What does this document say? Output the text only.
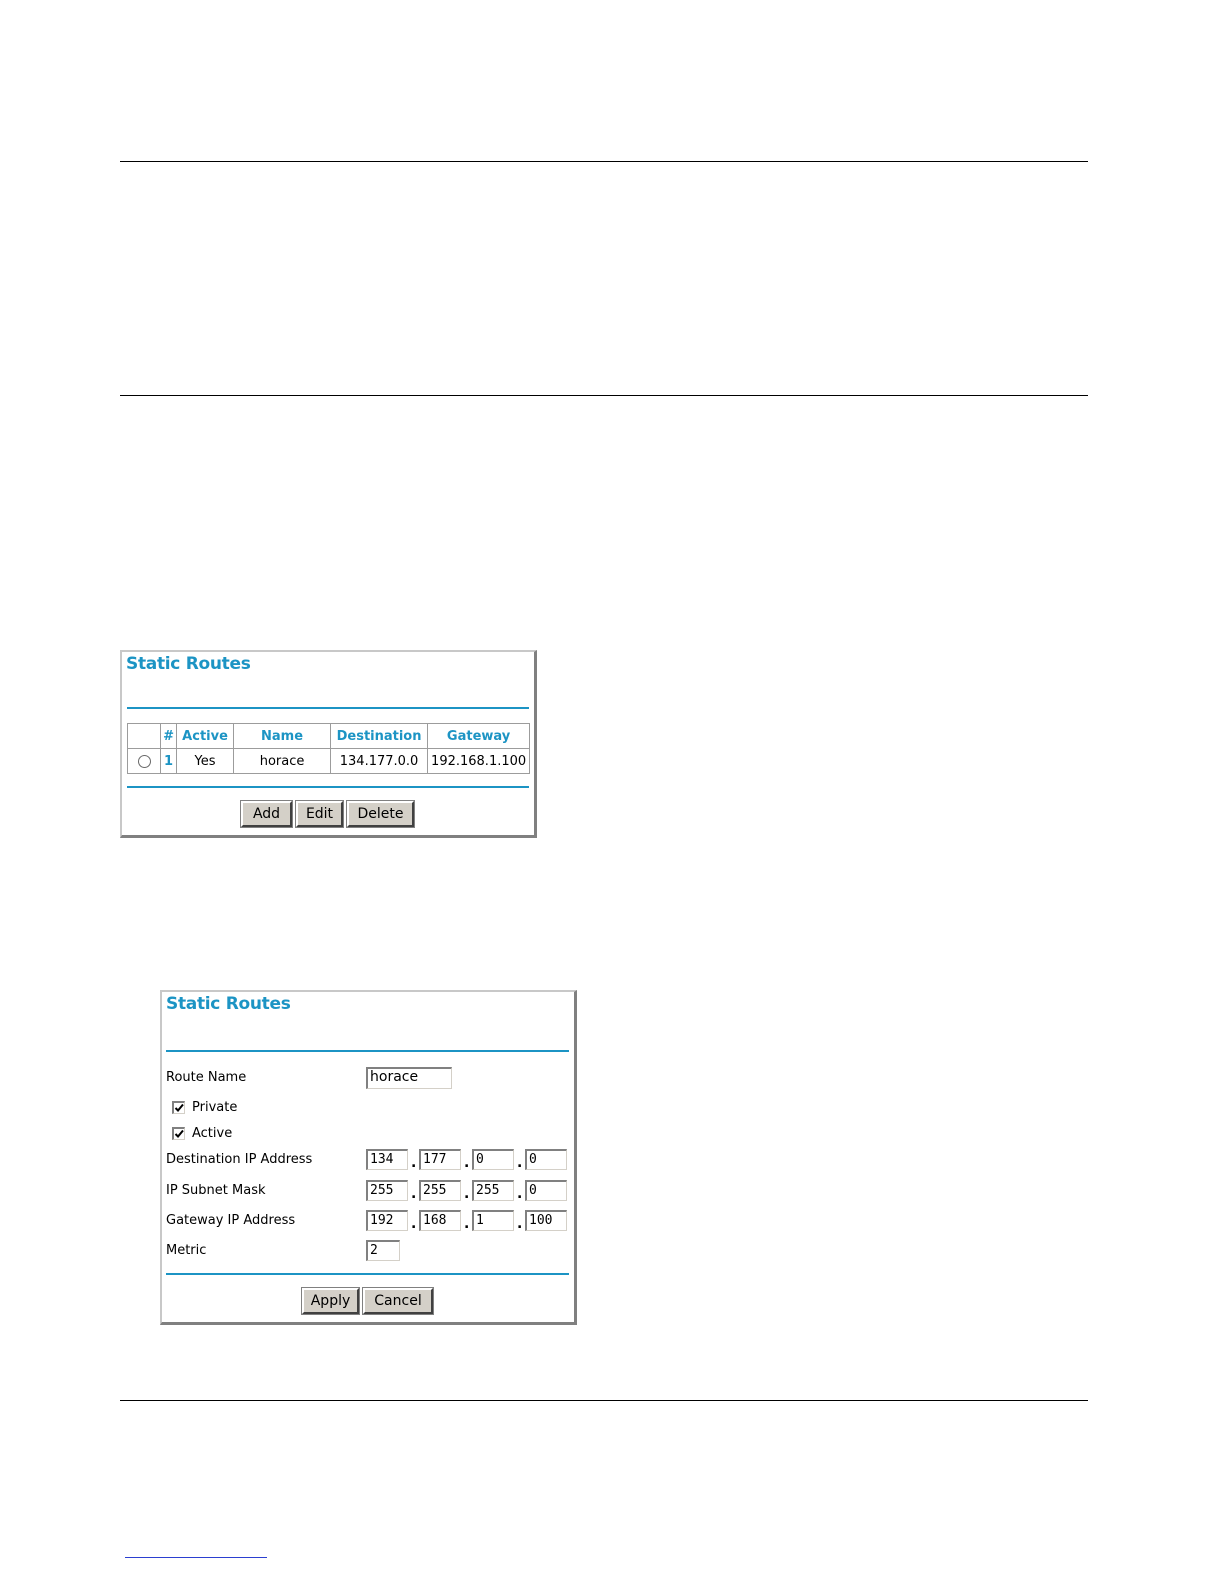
Static Routes
	#	Active	Name	Destination	Gateway
	1	Yes	horace	134.177.0.0	192.168.1.100
Add	Edit	Delete
Static Routes
Route Name	horace
Private
Active
Destination IP Address	134	. 177	. 0	. 0
IP Subnet Mask	255	. 255	. 255	. 0
Gateway IP Address	192	. 168	. 1	. 100
Metric	2
Apply	Cancel
